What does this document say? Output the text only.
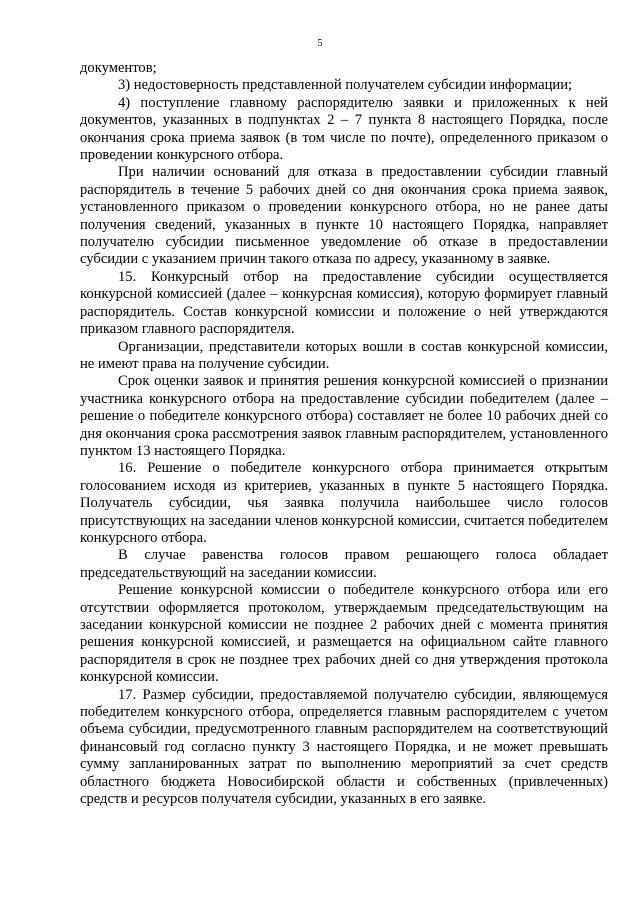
5

документов;

3) недостоверность представленной получателем субсидии информации;

4) поступление главному распорядителю заявки и приложенных к ней документов, указанных в подпунктах 2 – 7 пункта 8 настоящего Порядка, после окончания срока приема заявок (в том числе по почте), определенного приказом о проведении конкурсного отбора.

При наличии оснований для отказа в предоставлении субсидии главный распорядитель в течение 5 рабочих дней со дня окончания срока приема заявок, установленного приказом о проведении конкурсного отбора, но не ранее даты получения сведений, указанных в пункте 10 настоящего Порядка, направляет получателю субсидии письменное уведомление об отказе в предоставлении субсидии с указанием причин такого отказа по адресу, указанному в заявке.

15. Конкурсный отбор на предоставление субсидии осуществляется конкурсной комиссией (далее – конкурсная комиссия), которую формирует главный распорядитель. Состав конкурсной комиссии и положение о ней утверждаются приказом главного распорядителя.

Организации, представители которых вошли в состав конкурсной комиссии, не имеют права на получение субсидии.

Срок оценки заявок и принятия решения конкурсной комиссией о признании участника конкурсного отбора на предоставление субсидии победителем (далее – решение о победителе конкурсного отбора) составляет не более 10 рабочих дней со дня окончания срока рассмотрения заявок главным распорядителем, установленного пунктом 13 настоящего Порядка.

16. Решение о победителе конкурсного отбора принимается открытым голосованием исходя из критериев, указанных в пункте 5 настоящего Порядка. Получатель субсидии, чья заявка получила наибольшее число голосов присутствующих на заседании членов конкурсной комиссии, считается победителем конкурсного отбора.

В случае равенства голосов правом решающего голоса обладает председательствующий на заседании комиссии.

Решение конкурсной комиссии о победителе конкурсного отбора или его отсутствии оформляется протоколом, утверждаемым председательствующим на заседании конкурсной комиссии не позднее 2 рабочих дней с момента принятия решения конкурсной комиссией, и размещается на официальном сайте главного распорядителя в срок не позднее трех рабочих дней со дня утверждения протокола конкурсной комиссии.

17. Размер субсидии, предоставляемой получателю субсидии, являющемуся победителем конкурсного отбора, определяется главным распорядителем с учетом объема субсидии, предусмотренного главным распорядителем на соответствующий финансовый год согласно пункту 3 настоящего Порядка, и не может превышать сумму запланированных затрат по выполнению мероприятий за счет средств областного бюджета Новосибирской области и собственных (привлеченных) средств и ресурсов получателя субсидии, указанных в его заявке.
